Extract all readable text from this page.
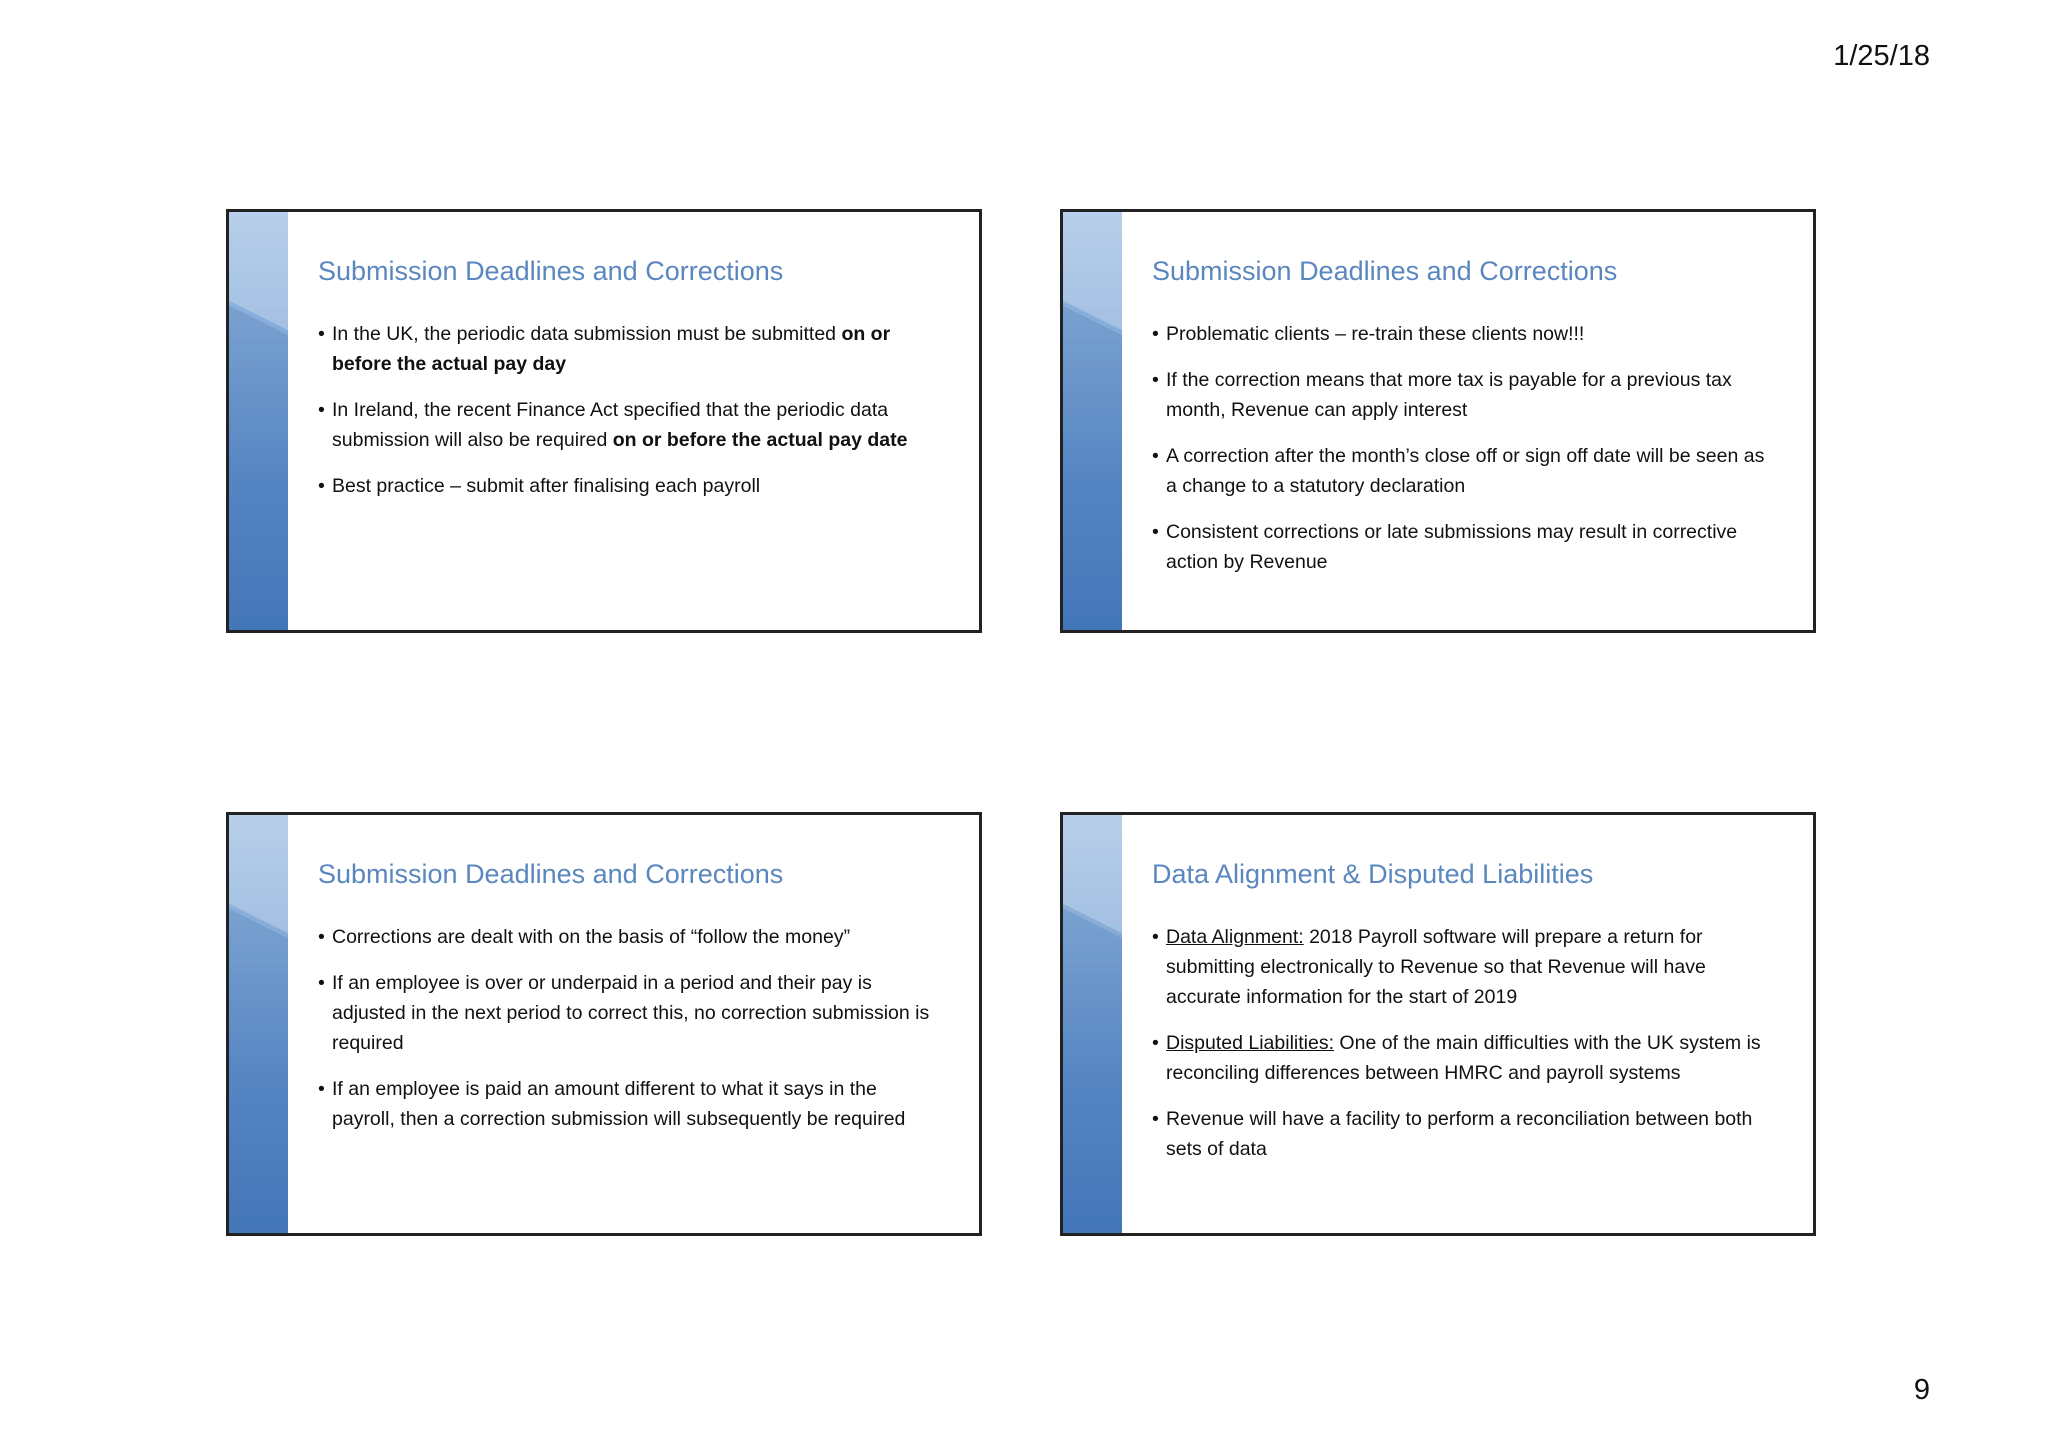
1/25/18
Submission Deadlines and Corrections
• In the UK, the periodic data submission must be submitted on or before the actual pay day
• In Ireland, the recent Finance Act specified that the periodic data submission will also be required on or before the actual pay date
• Best practice – submit after finalising each payroll
Submission Deadlines and Corrections
• Problematic clients – re-train these clients now!!!
• If the correction means that more tax is payable for a previous tax month, Revenue can apply interest
• A correction after the month’s close off or sign off date will be seen as a change to a statutory declaration
• Consistent corrections or late submissions may result in corrective action by Revenue
Submission Deadlines and Corrections
• Corrections are dealt with on the basis of “follow the money”
• If an employee is over or underpaid in a period and their pay is adjusted in the next period to correct this, no correction submission is required
• If an employee is paid an amount different to what it says in the payroll, then a correction submission will subsequently be required
Data Alignment & Disputed Liabilities
• Data Alignment: 2018 Payroll software will prepare a return for submitting electronically to Revenue so that Revenue will have accurate information for the start of 2019
• Disputed Liabilities: One of the main difficulties with the UK system is reconciling differences between HMRC and payroll systems
• Revenue will have a facility to perform a reconciliation between both sets of data
9
